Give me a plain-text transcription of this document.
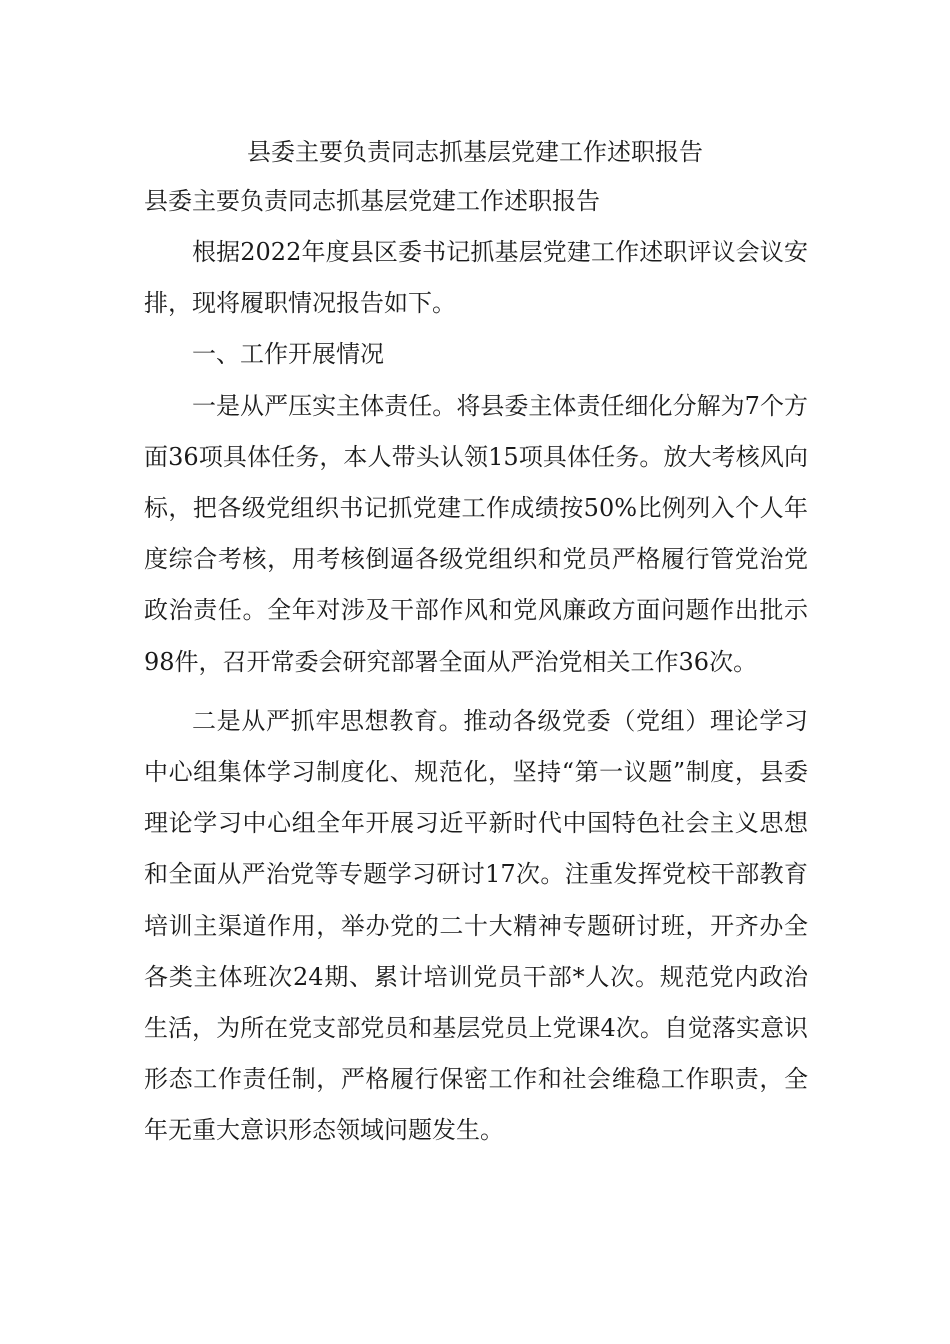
县委主要负责同志抓基层党建工作述职报告
县委主要负责同志抓基层党建工作述职报告

根据2022年度县区委书记抓基层党建工作述职评议会议安排，现将履职情况报告如下。

一、工作开展情况

一是从严压实主体责任。将县委主体责任细化分解为7个方面36项具体任务，本人带头认领15项具体任务。放大考核风向标，把各级党组织书记抓党建工作成绩按50%比例列入个人年度综合考核，用考核倒逼各级党组织和党员严格履行管党治党政治责任。全年对涉及干部作风和党风廉政方面问题作出批示98件，召开常委会研究部署全面从严治党相关工作36次。

二是从严抓牢思想教育。推动各级党委（党组）理论学习中心组集体学习制度化、规范化，坚持“第一议题”制度，县委理论学习中心组全年开展习近平新时代中国特色社会主义思想和全面从严治党等专题学习研讨17次。注重发挥党校干部教育培训主渠道作用，举办党的二十大精神专题研讨班，开齐办全各类主体班次24期、累计培训党员干部*人次。规范党内政治生活，为所在党支部党员和基层党员上党课4次。自觉落实意识形态工作责任制，严格履行保密工作和社会维稳工作职责，全年无重大意识形态领域问题发生。
